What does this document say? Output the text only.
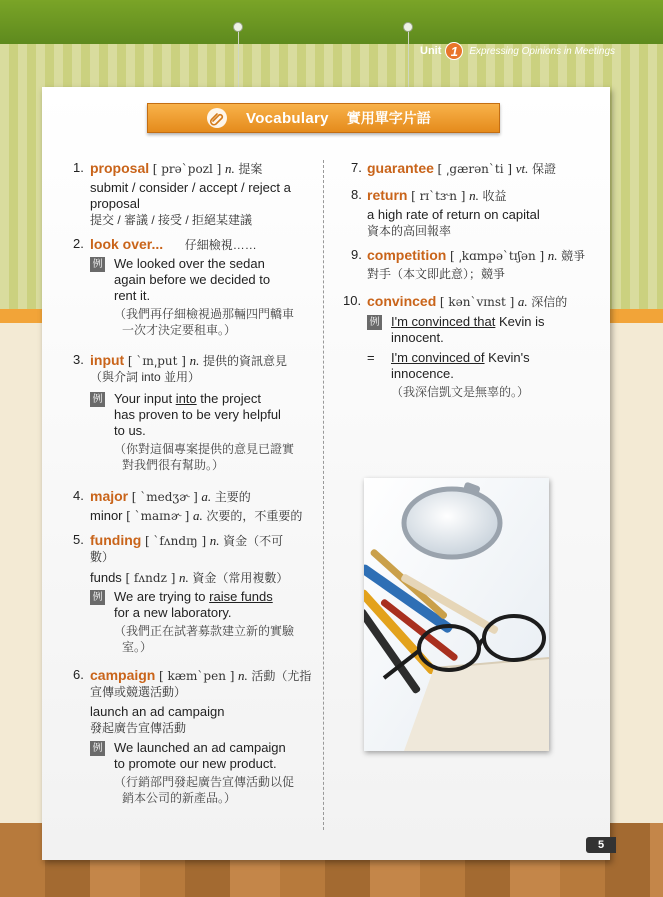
Unit 1	Expressing Opinions in Meetings
Vocabulary 實用單字片語
1. proposal [ prəˋpozl ] n. 提案
submit / consider / accept / reject a
proposal
提交 / 審議 / 接受 / 拒絕某建議
2. look over... 仔細檢視……
例 We looked over the sedan
again before we decided to
rent it.
（我們再仔細檢視過那輛四門轎車
一次才決定要租車。）
3. input [ ˋɪn͵put ] n. 提供的資訊意見
（與介詞 into 並用）
例 Your input into the project
has proven to be very helpful
to us.
（你對這個專案提供的意見已證實
對我們很有幫助。）
4. major [ ˋmedʒɚ ] a. 主要的
minor [ ˋmaɪnɚ ] a. 次要的，不重要的
5. funding [ ˋfʌndɪŋ ] n. 資金（不可
數）
funds [ fʌndz ] n. 資金（常用複數）
例 We are trying to raise funds
for a new laboratory.
（我們正在試著募款建立新的實驗
室。）
6. campaign [ kæmˋpen ] n. 活動（尤指
宣傳或競選活動）
launch an ad campaign
發起廣告宣傳活動
例 We launched an ad campaign
to promote our new product.
（行銷部門發起廣告宣傳活動以促
銷本公司的新產品。）
7. guarantee [ ͵gærənˋti ] vt. 保證
8. return [ rɪˋtɝn ] n. 收益
a high rate of return on capital
資本的高回報率
9. competition [ ͵kɑmpəˋtɪʃən ] n. 競爭
對手（本文即此意）；競爭
10. convinced [ kənˋvɪnst ] a. 深信的
例 I'm convinced that Kevin is
innocent.
= I'm convinced of Kevin's
innocence.
（我深信凱文是無辜的。）
5
